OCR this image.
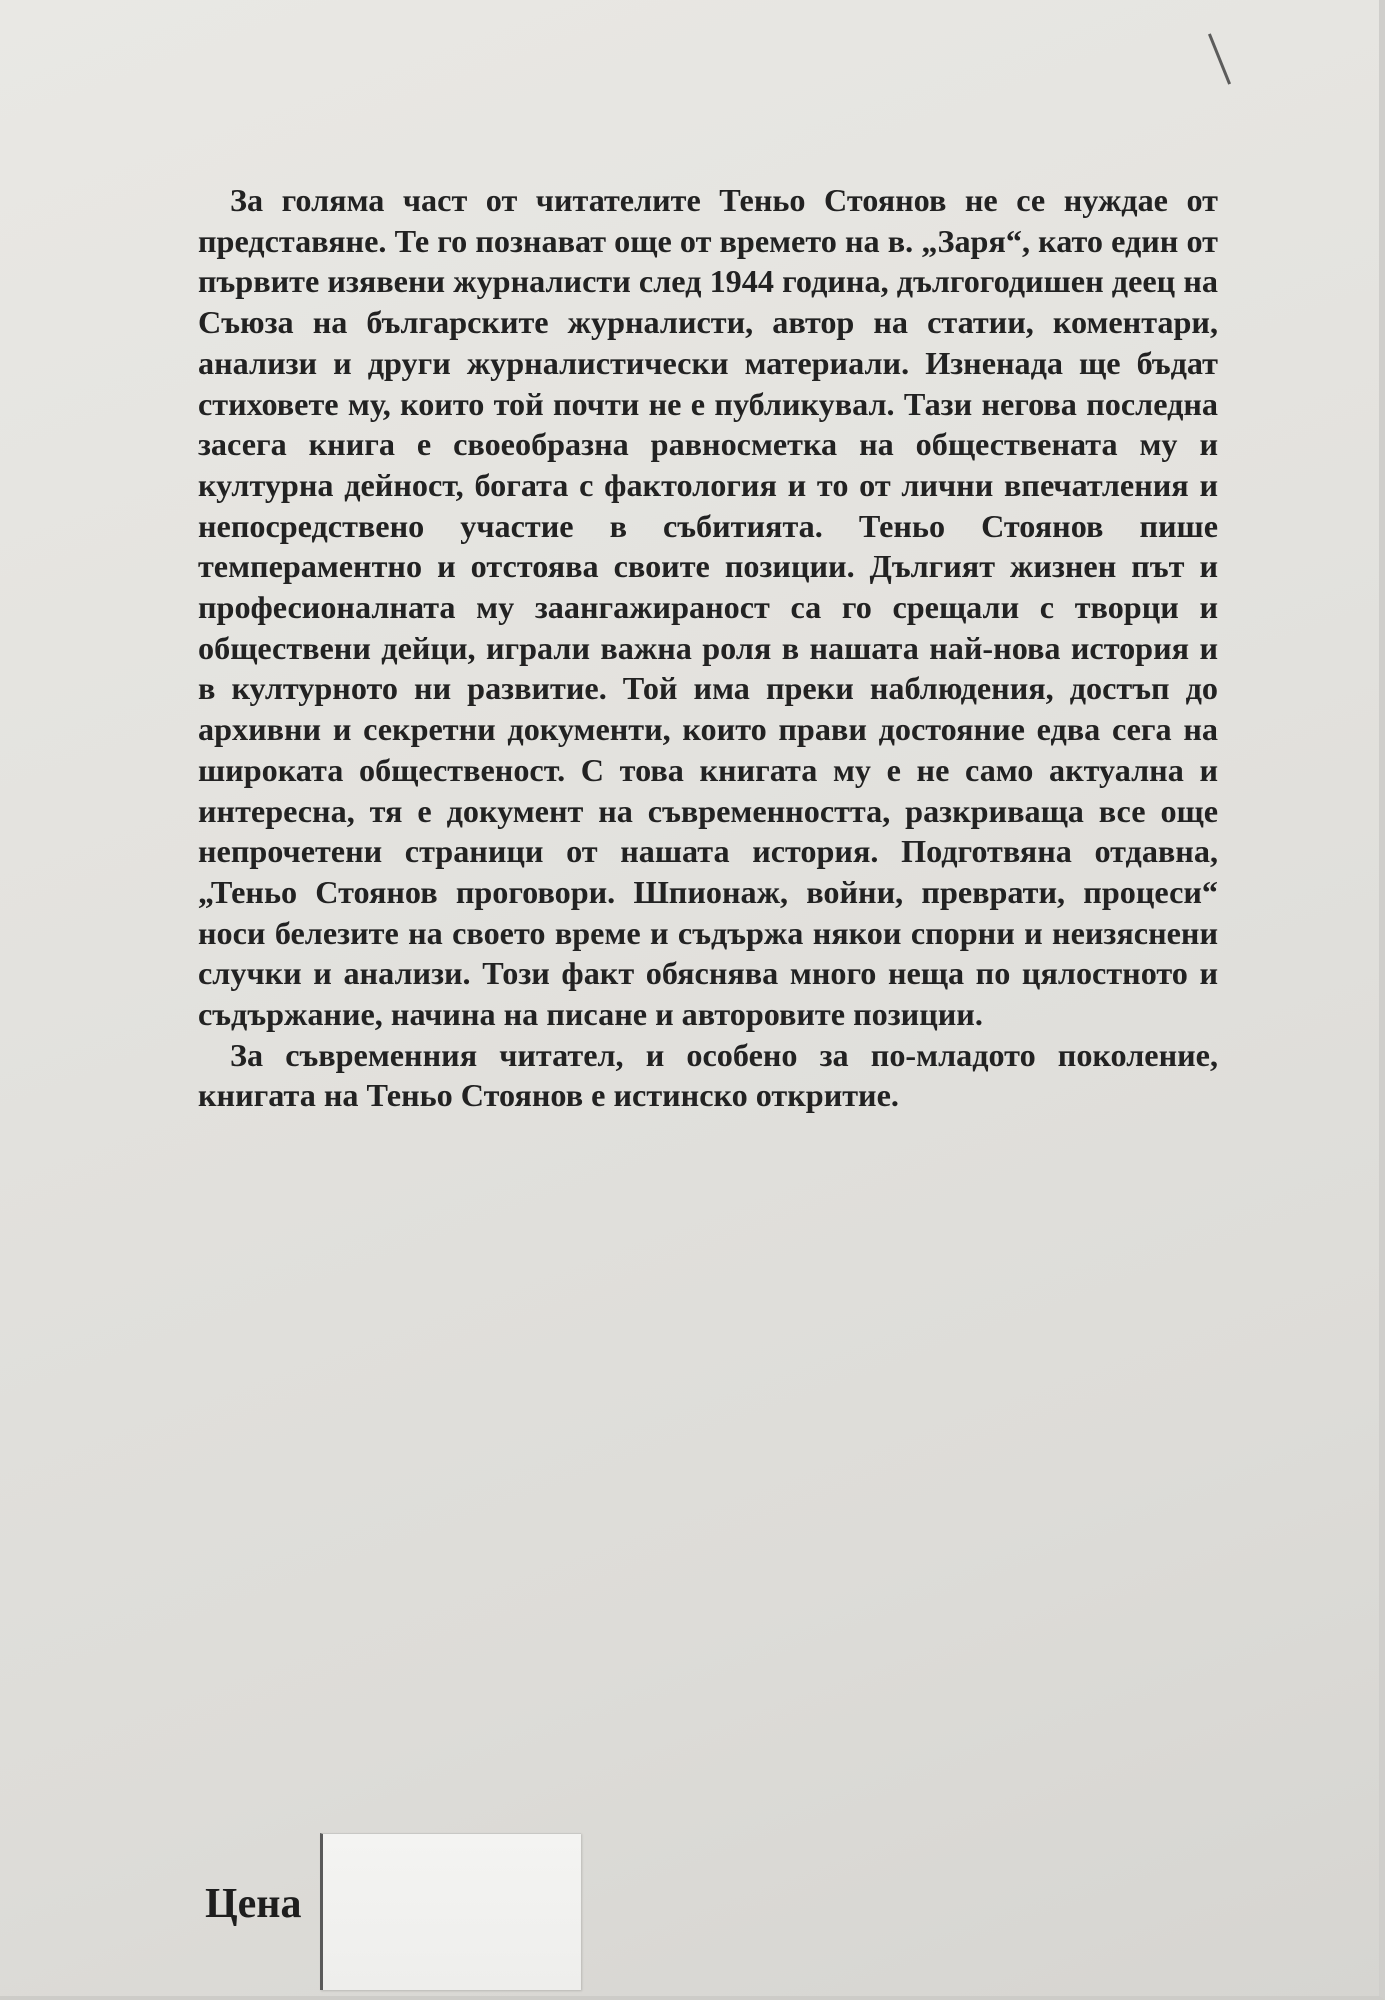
За голяма част от читателите Теньо Стоянов не се нуждае от представяне. Те го познават още от времето на в. „Заря“, като един от първите изявени журналисти след 1944 година, дългогодишен деец на Съюза на българските журналисти, автор на статии, коментари, анализи и други журналистически материали. Изненада ще бъдат стиховете му, които той почти не е публикувал. Тази негова последна засега книга е своеобразна равносметка на обществената му и културна дейност, богата с фактология и то от лични впечатления и непосредствено участие в събитията. Теньо Стоянов пише темпераментно и отстоява своите позиции. Дългият жизнен път и професионалната му заангажираност са го срещали с творци и обществени дейци, играли важна роля в нашата най-нова история и в културното ни развитие. Той има преки наблюдения, достъп до архивни и секретни документи, които прави достояние едва сега на широката общественост. С това книгата му е не само актуална и интересна, тя е документ на съвременността, разкриваща все още непрочетени страници от нашата история. Подготвяна отдавна, „Теньо Стоянов проговори. Шпионаж, войни, преврати, процеси“ носи белезите на своето време и съдържа някои спорни и неизяснени случки и анализи. Този факт обяснява много неща по цялостното и съдържание, начина на писане и авторовите позиции.

За съвременния читател, и особено за по-младото поколение, книгата на Теньо Стоянов е истинско откритие.

Цена
